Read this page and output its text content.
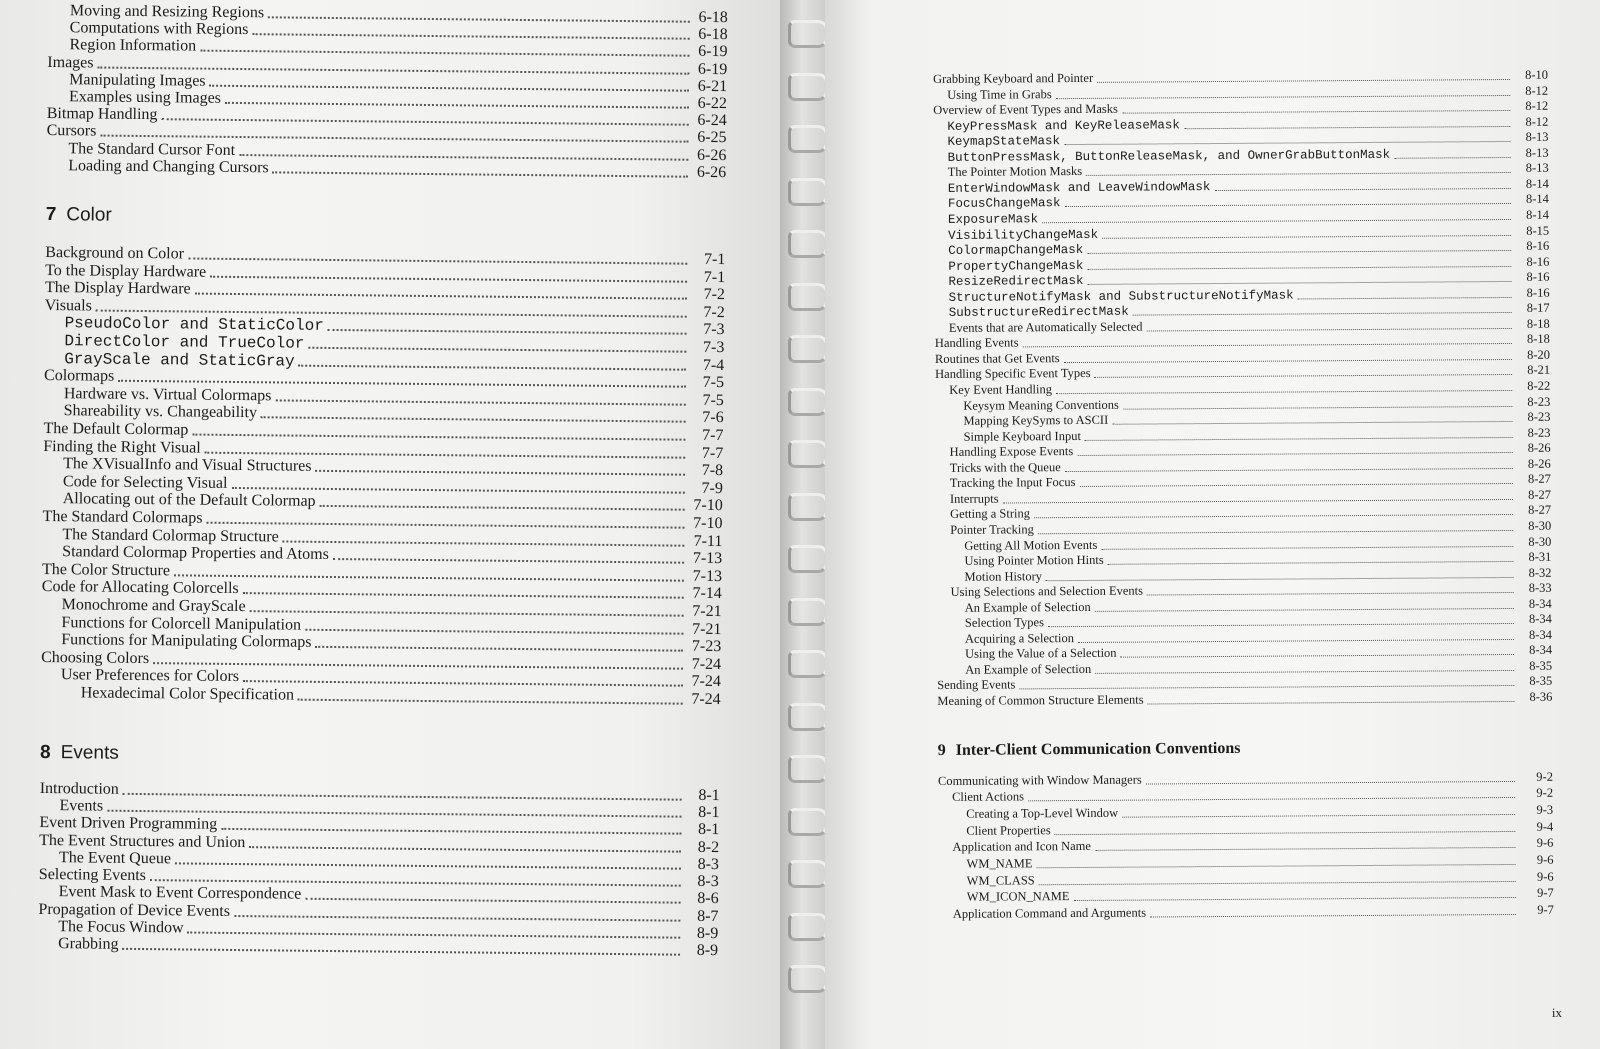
Moving and Resizing Regions	6-18
Computations with Regions	6-18
Region Information	6-19
Images	6-19
Manipulating Images	6-21
Examples using Images	6-22
Bitmap Handling	6-24
Cursors	6-25
The Standard Cursor Font	6-26
Loading and Changing Cursors	6-26
7 Color
Background on Color	7-1
To the Display Hardware	7-1
The Display Hardware	7-2
Visuals	7-2
PseudoColor and StaticColor	7-3
DirectColor and TrueColor	7-3
GrayScale and StaticGray	7-4
Colormaps	7-5
Hardware vs. Virtual Colormaps	7-5
Shareability vs. Changeability	7-6
The Default Colormap	7-7
Finding the Right Visual	7-7
The XVisualInfo and Visual Structures	7-8
Code for Selecting Visual	7-9
Allocating out of the Default Colormap	7-10
The Standard Colormaps	7-10
The Standard Colormap Structure	7-11
Standard Colormap Properties and Atoms	7-13
The Color Structure	7-13
Code for Allocating Colorcells	7-14
Monochrome and GrayScale	7-21
Functions for Colorcell Manipulation	7-21
Functions for Manipulating Colormaps	7-23
Choosing Colors	7-24
User Preferences for Colors	7-24
Hexadecimal Color Specification	7-24
8 Events
Introduction	8-1
Events	8-1
Event Driven Programming	8-1
The Event Structures and Union	8-2
The Event Queue	8-3
Selecting Events	8-3
Event Mask to Event Correspondence	8-6
Propagation of Device Events	8-7
The Focus Window	8-9
Grabbing	8-9
Grabbing Keyboard and Pointer	8-10
Using Time in Grabs	8-12
Overview of Event Types and Masks	8-12
KeyPressMask and KeyReleaseMask	8-12
KeymapStateMask	8-13
ButtonPressMask, ButtonReleaseMask, and OwnerGrabButtonMask	8-13
The Pointer Motion Masks	8-13
EnterWindowMask and LeaveWindowMask	8-14
FocusChangeMask	8-14
ExposureMask	8-14
VisibilityChangeMask	8-15
ColormapChangeMask	8-16
PropertyChangeMask	8-16
ResizeRedirectMask	8-16
StructureNotifyMask and SubstructureNotifyMask	8-16
SubstructureRedirectMask	8-17
Events that are Automatically Selected	8-18
Handling Events	8-18
Routines that Get Events	8-20
Handling Specific Event Types	8-21
Key Event Handling	8-22
Keysym Meaning Conventions	8-23
Mapping KeySyms to ASCII	8-23
Simple Keyboard Input	8-23
Handling Expose Events	8-26
Tricks with the Queue	8-26
Tracking the Input Focus	8-27
Interrupts	8-27
Getting a String	8-27
Pointer Tracking	8-30
Getting All Motion Events	8-30
Using Pointer Motion Hints	8-31
Motion History	8-32
Using Selections and Selection Events	8-33
An Example of Selection	8-34
Selection Types	8-34
Acquiring a Selection	8-34
Using the Value of a Selection	8-34
An Example of Selection	8-35
Sending Events	8-35
Meaning of Common Structure Elements	8-36
9 Inter-Client Communication Conventions
Communicating with Window Managers	9-2
Client Actions	9-2
Creating a Top-Level Window	9-3
Client Properties	9-4
Application and Icon Name	9-6
WM_NAME	9-6
WM_CLASS	9-6
WM_ICON_NAME	9-7
Application Command and Arguments	9-7
ix
